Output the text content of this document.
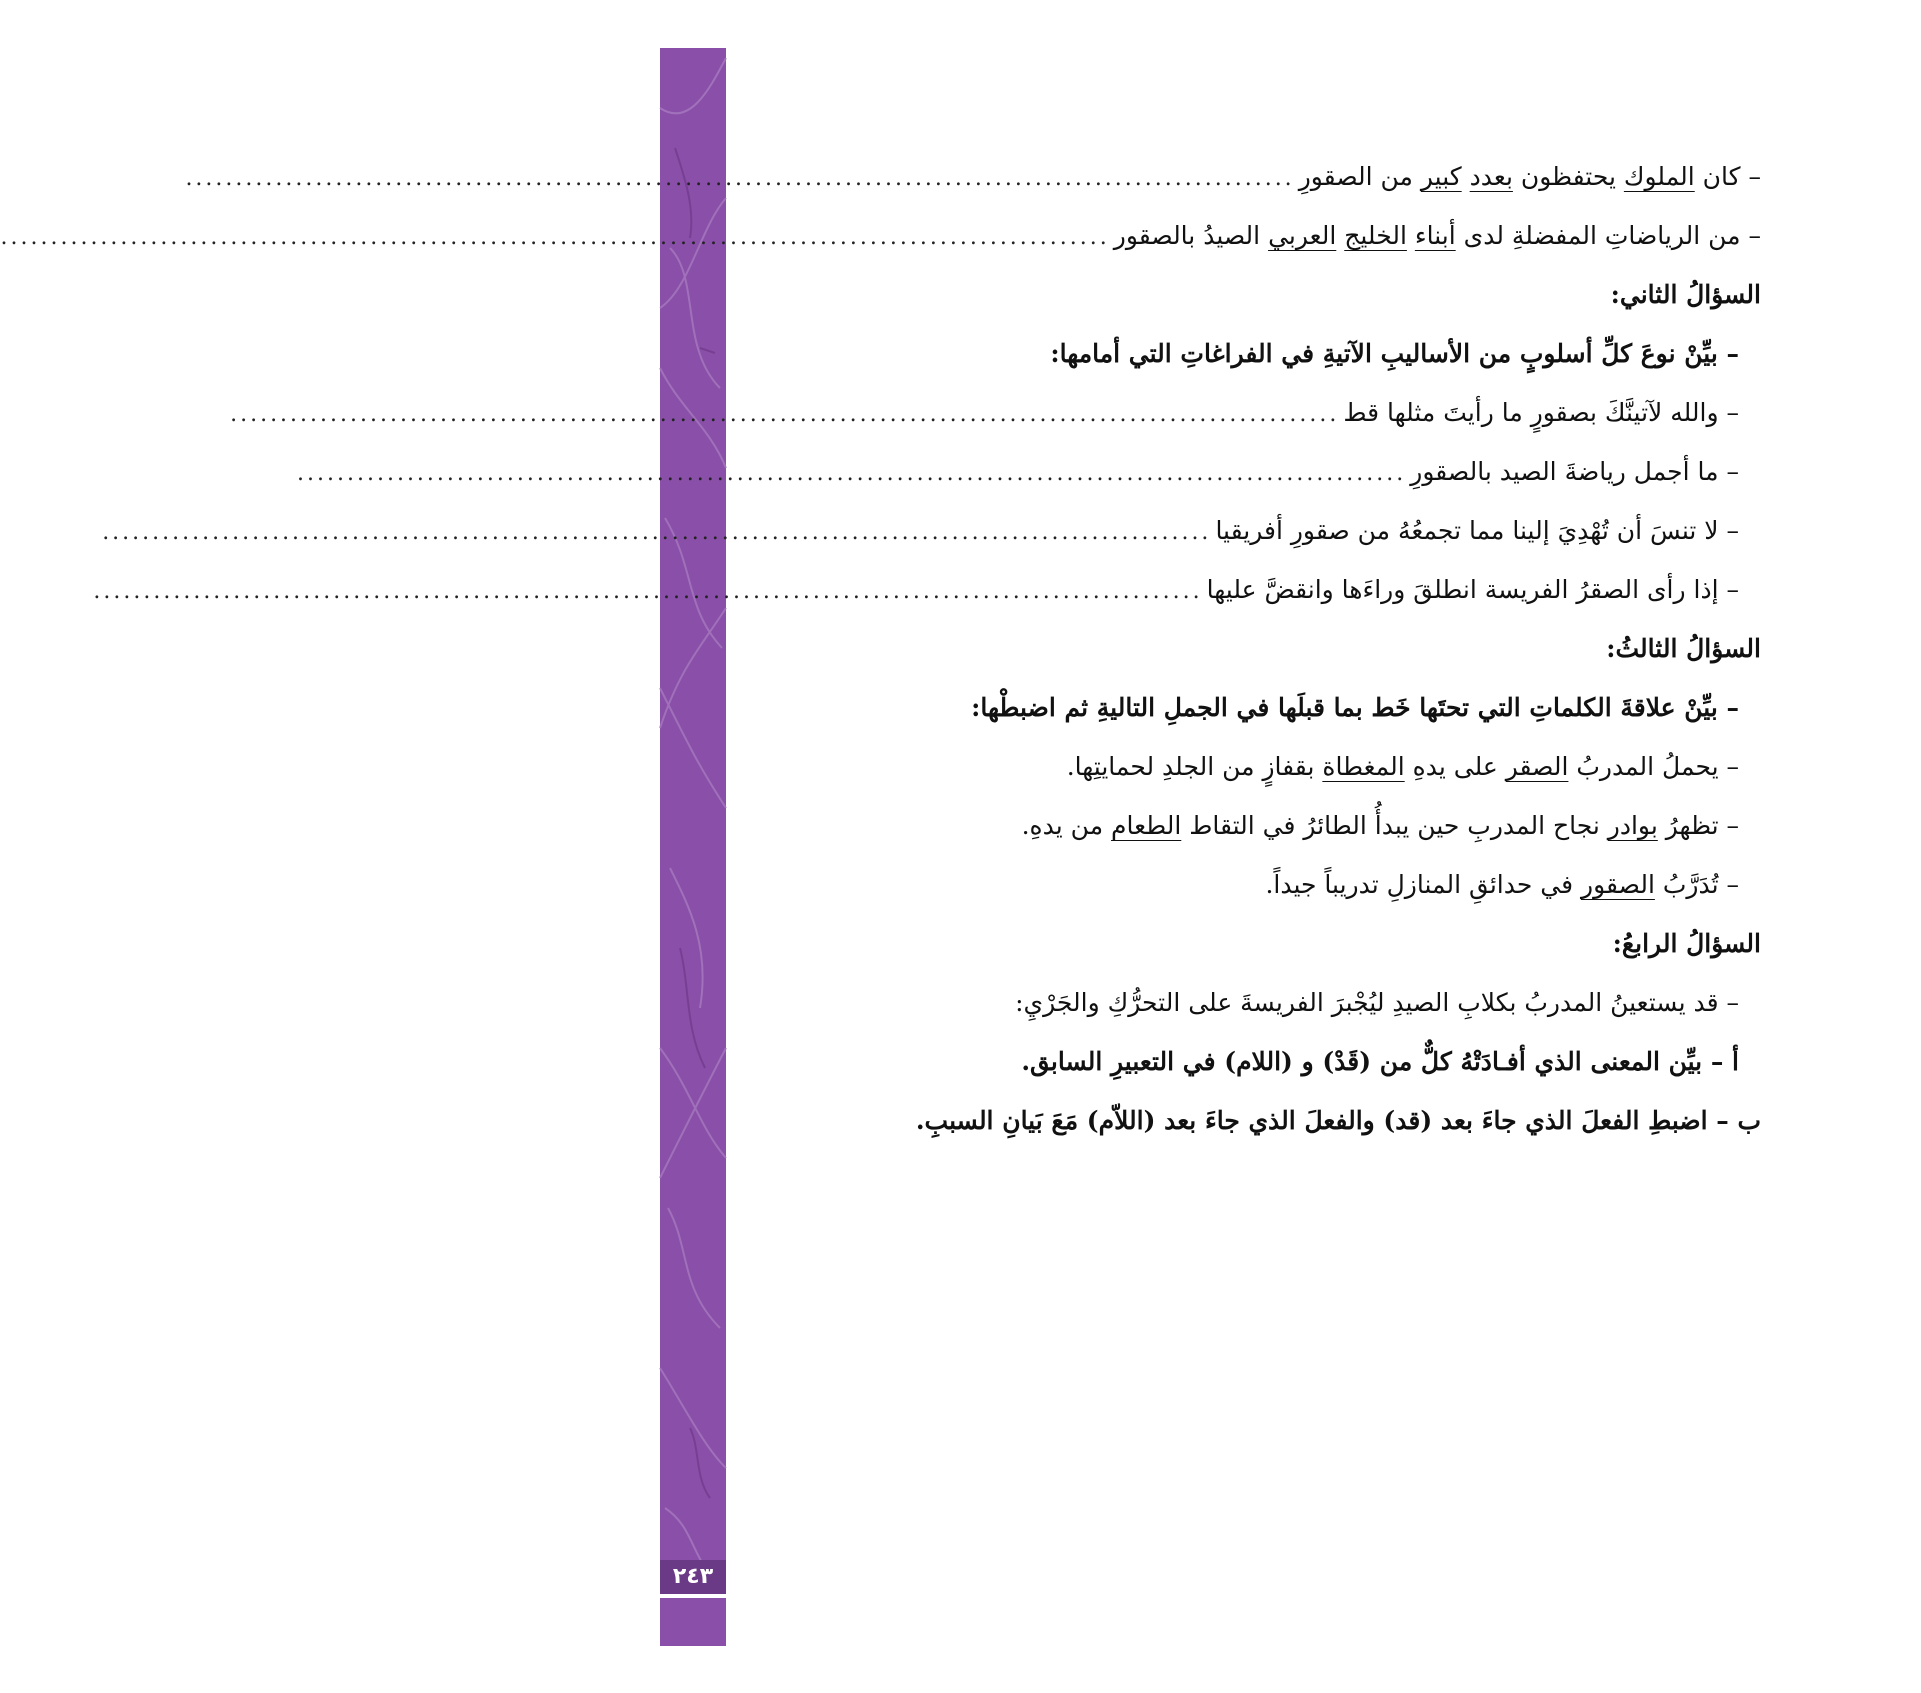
٢٤٣
– كان الملوك يحتفظون بعدد كبير من الصقورِ
...............................................................................................................
– من الرياضاتِ المفضلةِ لدى أبناء الخليج العربي الصيدُ بالصقور
...............................................................................................................
السؤالُ الثاني:
– بيِّنْ نوعَ كلِّ أسلوبٍ من الأساليبِ الآتيةِ في الفراغاتِ التي أمامها:
– والله لآتينَّكَ بصقورٍ ما رأيتَ مثلها قط
...............................................................................................................
– ما أجمل رياضةَ الصيد بالصقورِ
...............................................................................................................
– لا تنسَ أن تُهْدِيَ إلينا مما تجمعُهُ من صقورِ أفريقيا
...............................................................................................................
– إذا رأى الصقرُ الفريسة انطلقَ وراءَها وانقضَّ عليها
...............................................................................................................
السؤالُ الثالثُ:
– بيِّنْ علاقةَ الكلماتِ التي تحتَها خَط بما قبلَها في الجملِ التاليةِ ثم اضبطْها:
– يحملُ المدربُ الصقر على يدهِ المغطاة بقفازٍ من الجلدِ لحمايتِها.
– تظهرُ بوادر نجاح المدربِ حين يبدأُ الطائرُ في التقاط الطعام من يدهِ.
– تُدَرَّبُ الصقور في حدائقِ المنازلِ تدريباً جيداً.
السؤالُ الرابعُ:
– قد يستعينُ المدربُ بكلابِ الصيدِ ليُجْبرَ الفريسةَ على التحرُّكِ والجَرْيِ:
أ – بيِّن المعنى الذي أفـادَتْهُ كلٌّ من (قَدْ) و (اللام) في التعبيرِ السابق.
ب – اضبطِ الفعلَ الذي جاءَ بعد (قد) والفعلَ الذي جاءَ بعد (اللاّم) مَعَ بَيانِ السببِ.
